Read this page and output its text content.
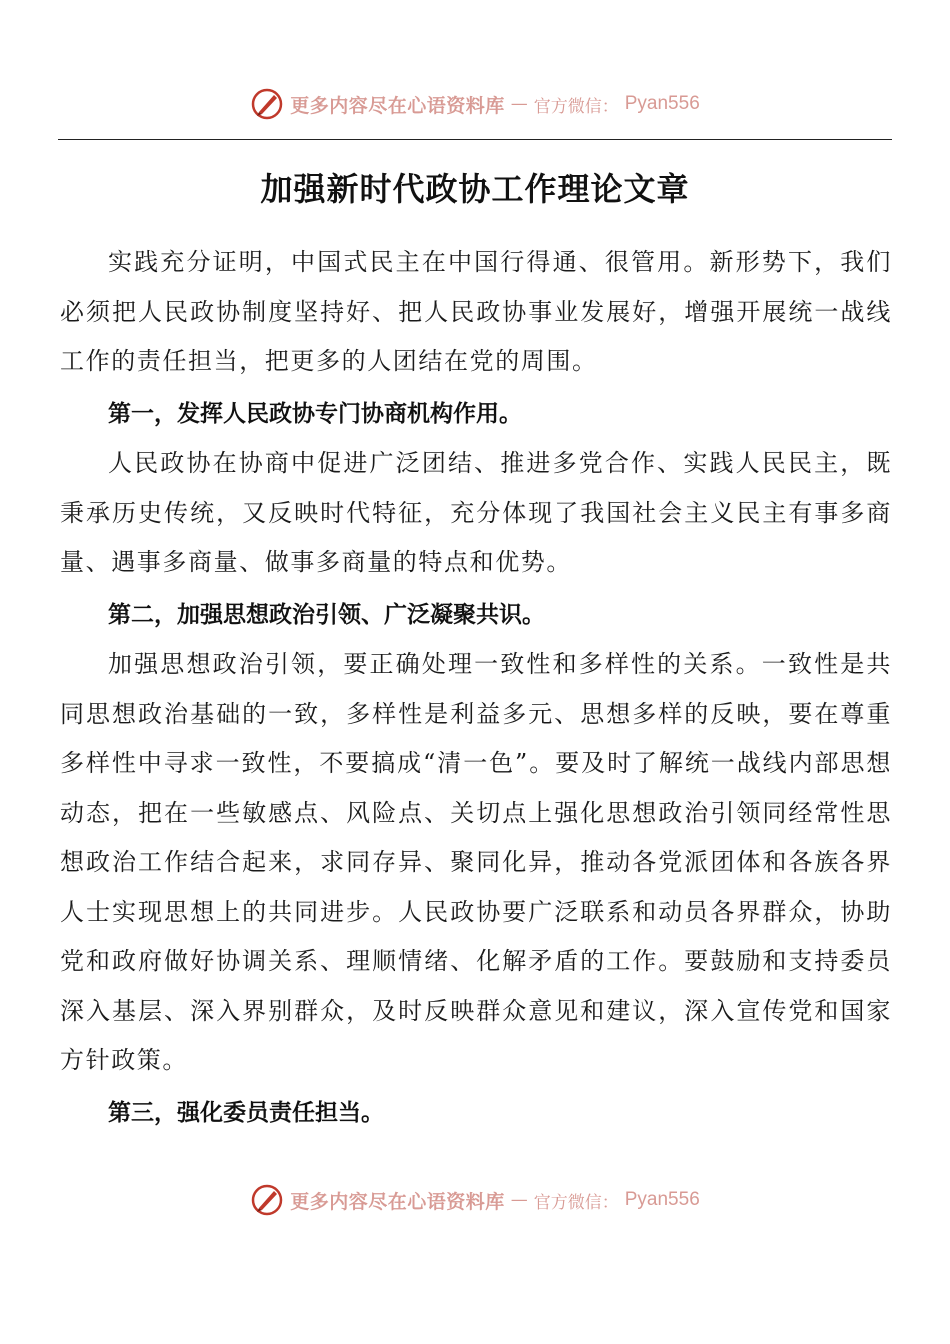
更多内容尽在心语资料库 — 官方微信： Pyan556
加强新时代政协工作理论文章

实践充分证明，中国式民主在中国行得通、很管用。新形势下，我们必须把人民政协制度坚持好、把人民政协事业发展好，增强开展统一战线工作的责任担当，把更多的人团结在党的周围。

第一，发挥人民政协专门协商机构作用。

人民政协在协商中促进广泛团结、推进多党合作、实践人民民主，既秉承历史传统，又反映时代特征，充分体现了我国社会主义民主有事多商量、遇事多商量、做事多商量的特点和优势。

第二，加强思想政治引领、广泛凝聚共识。

加强思想政治引领，要正确处理一致性和多样性的关系。一致性是共同思想政治基础的一致，多样性是利益多元、思想多样的反映，要在尊重多样性中寻求一致性，不要搞成“清一色”。要及时了解统一战线内部思想动态，把在一些敏感点、风险点、关切点上强化思想政治引领同经常性思想政治工作结合起来，求同存异、聚同化异，推动各党派团体和各族各界人士实现思想上的共同进步。人民政协要广泛联系和动员各界群众，协助党和政府做好协调关系、理顺情绪、化解矛盾的工作。要鼓励和支持委员深入基层、深入界别群众，及时反映群众意见和建议，深入宣传党和国家方针政策。

第三，强化委员责任担当。

更多内容尽在心语资料库 — 官方微信： Pyan556
